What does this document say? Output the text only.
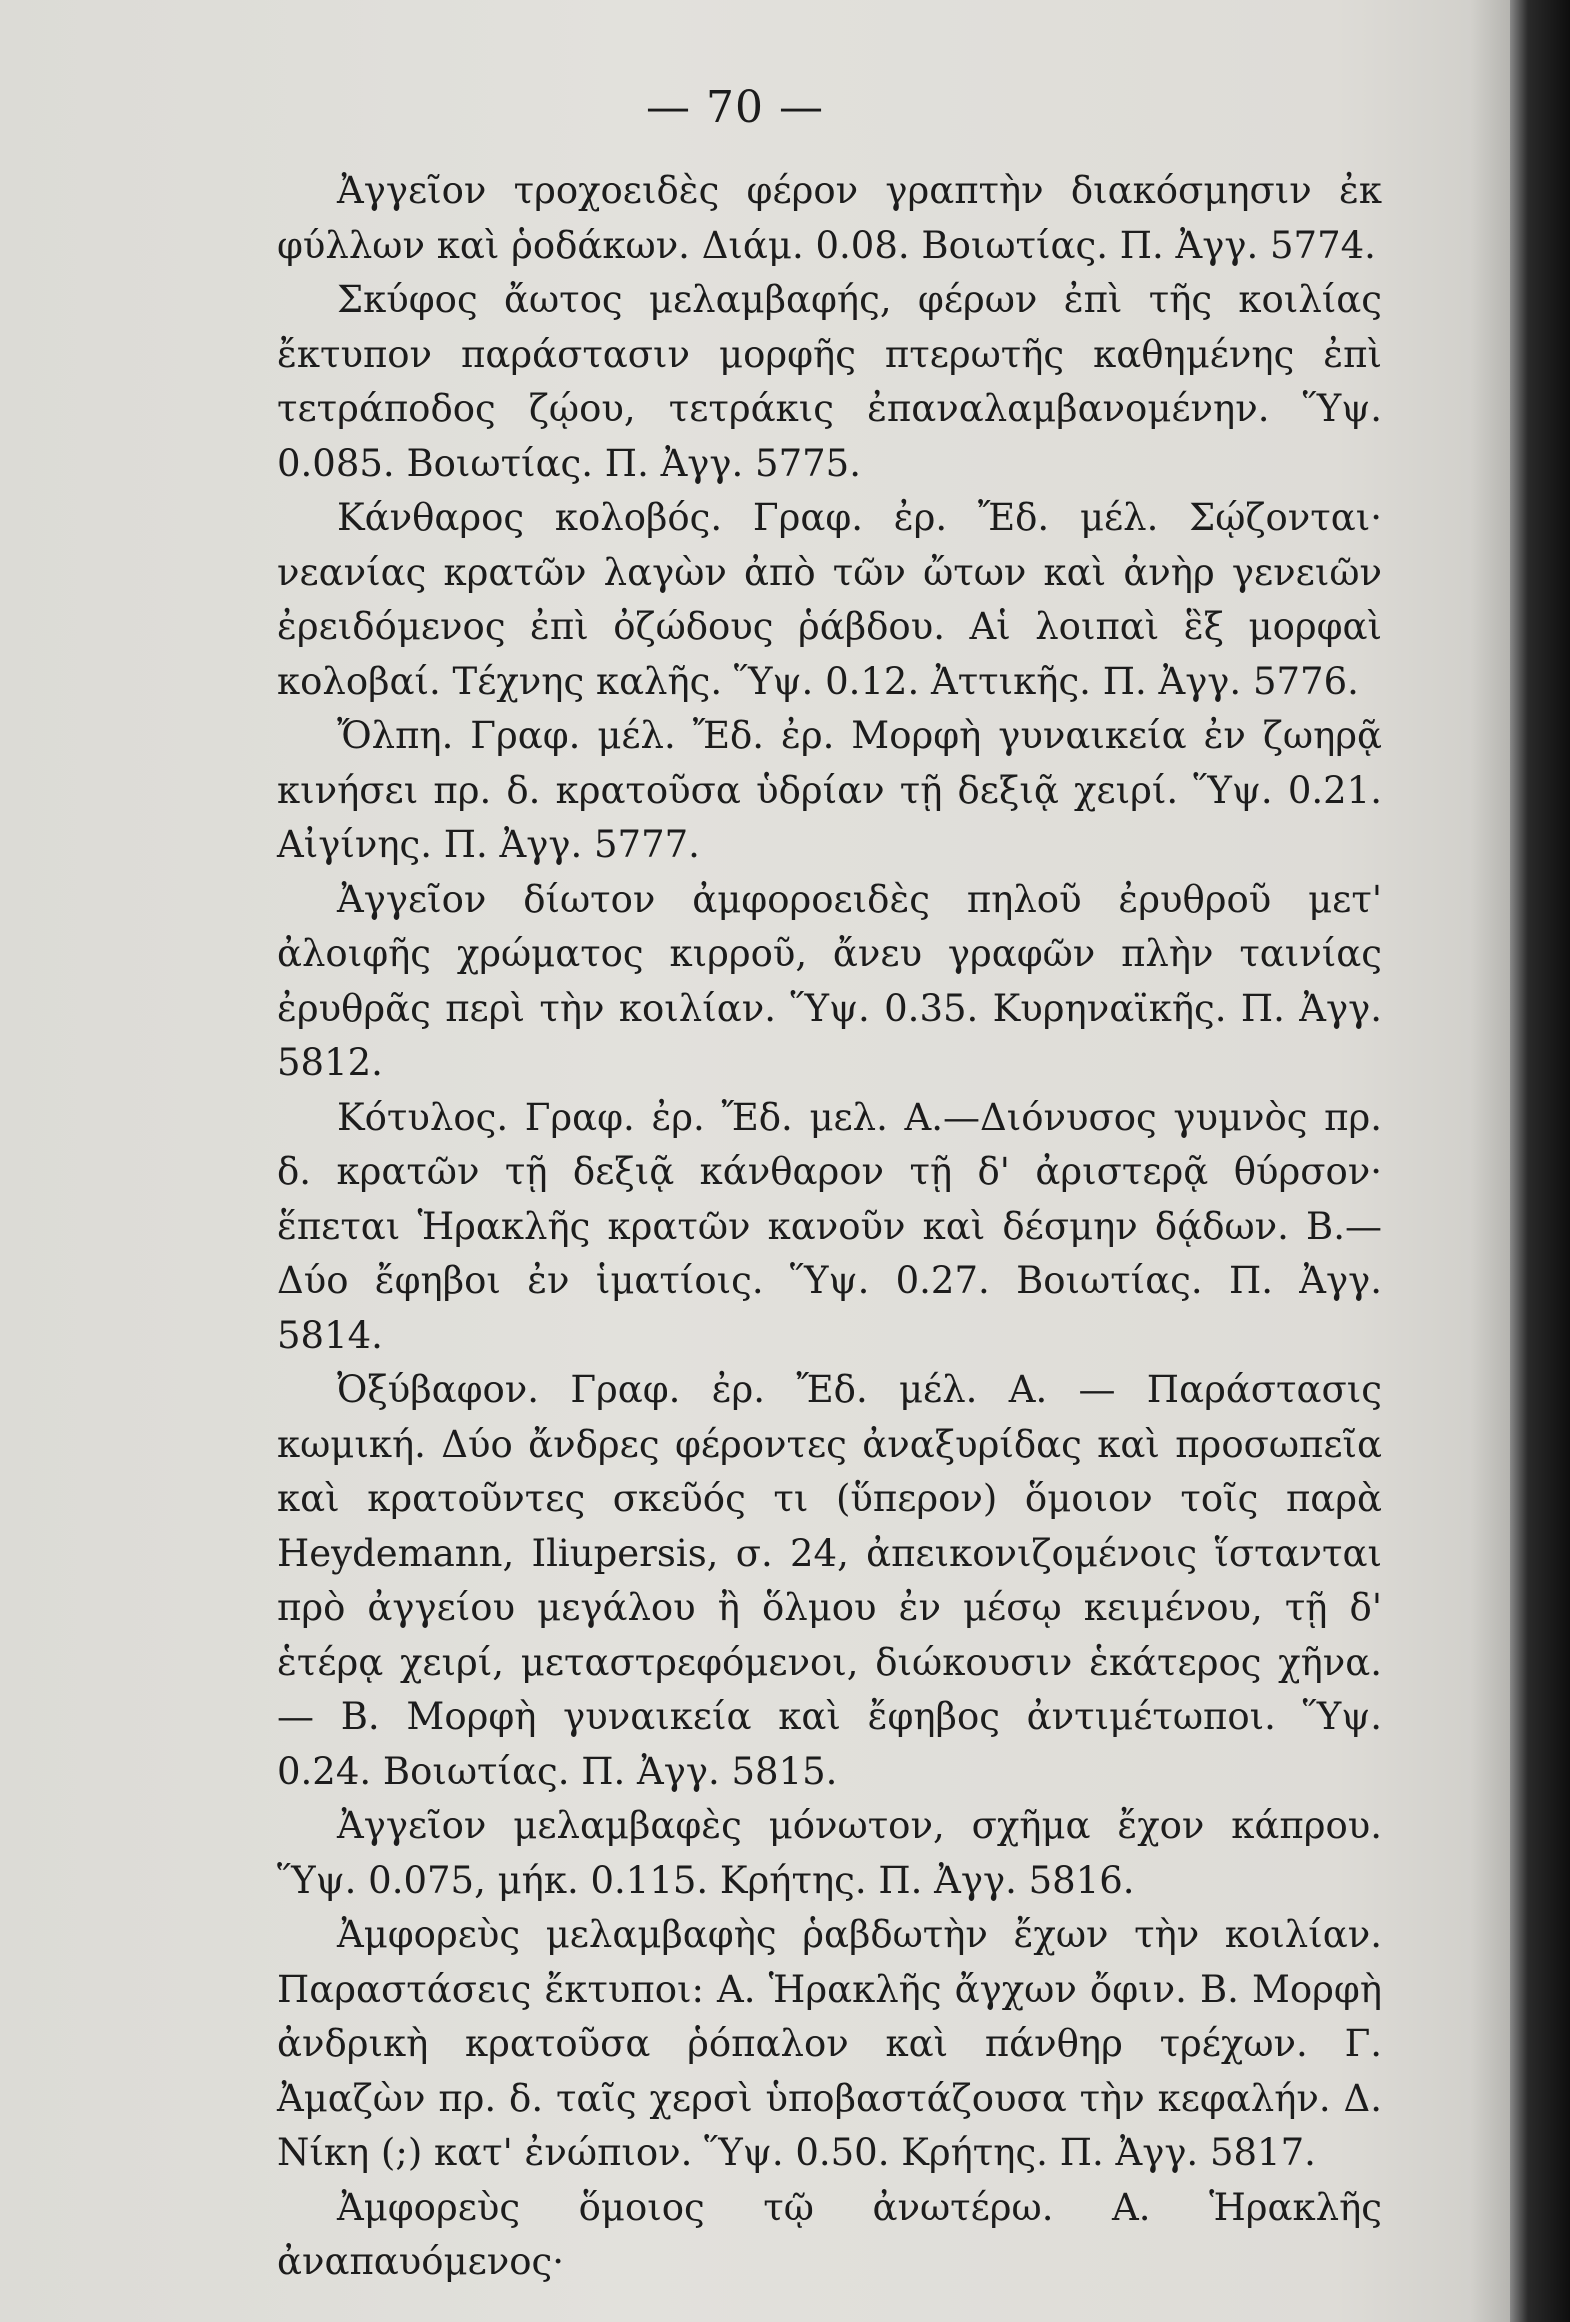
— 70 —

Ἀγγεῖον τροχοειδὲς φέρον γραπτὴν διακόσμησιν ἐκ φύλλων καὶ ῥοδάκων. Διάμ. 0.08. Βοιωτίας. Π. Ἀγγ. 5774.

Σκύφος ἄωτος μελαμβαφής, φέρων ἐπὶ τῆς κοιλίας ἔκτυπον παράστασιν μορφῆς πτερωτῆς καθημένης ἐπὶ τετράποδος ζῴου, τετράκις ἐπαναλαμβανομένην. Ὕψ. 0.085. Βοιωτίας. Π. Ἀγγ. 5775.

Κάνθαρος κολοβός. Γραφ. ἐρ. Ἔδ. μέλ. Σῴζονται· νεανίας κρατῶν λαγὼν ἀπὸ τῶν ὤτων καὶ ἀνὴρ γενειῶν ἐρειδόμενος ἐπὶ ὀζώδους ῥάβδου. Αἱ λοιπαὶ ἓξ μορφαὶ κολοβαί. Τέχνης καλῆς. Ὕψ. 0.12. Ἀττικῆς. Π. Ἀγγ. 5776.

Ὄλπη. Γραφ. μέλ. Ἔδ. ἐρ. Μορφὴ γυναικεία ἐν ζωηρᾷ κινήσει πρ. δ. κρατοῦσα ὑδρίαν τῇ δεξιᾷ χειρί. Ὕψ. 0.21. Αἰγίνης. Π. Ἀγγ. 5777.

Ἀγγεῖον δίωτον ἀμφοροειδὲς πηλοῦ ἐρυθροῦ μετ' ἀλοιφῆς χρώματος κιρροῦ, ἄνευ γραφῶν πλὴν ταινίας ἐρυθρᾶς περὶ τὴν κοιλίαν. Ὕψ. 0.35. Κυρηναϊκῆς. Π. Ἀγγ. 5812.

Κότυλος. Γραφ. ἐρ. Ἔδ. μελ. Α.—Διόνυσος γυμνὸς πρ. δ. κρατῶν τῇ δεξιᾷ κάνθαρον τῇ δ' ἀριστερᾷ θύρσον· ἕπεται Ἡρακλῆς κρατῶν κανοῦν καὶ δέσμην δᾴδων. Β.—Δύο ἔφηβοι ἐν ἱματίοις. Ὕψ. 0.27. Βοιωτίας. Π. Ἀγγ. 5814.

Ὀξύβαφον. Γραφ. ἐρ. Ἔδ. μέλ. Α. — Παράστασις κωμική. Δύο ἄνδρες φέροντες ἀναξυρίδας καὶ προσωπεῖα καὶ κρατοῦντες σκεῦός τι (ὕπερον) ὅμοιον τοῖς παρὰ Heydemann, Iliupersis, σ. 24, ἀπεικονιζομένοις ἵστανται πρὸ ἀγγείου μεγάλου ἢ ὅλμου ἐν μέσῳ κειμένου, τῇ δ' ἑτέρᾳ χειρί, μεταστρεφόμενοι, διώκουσιν ἑκάτερος χῆνα. — Β. Μορφὴ γυναικεία καὶ ἔφηβος ἀντιμέτωποι. Ὕψ. 0.24. Βοιωτίας. Π. Ἀγγ. 5815.

Ἀγγεῖον μελαμβαφὲς μόνωτον, σχῆμα ἔχον κάπρου. Ὕψ. 0.075, μήκ. 0.115. Κρήτης. Π. Ἀγγ. 5816.

Ἀμφορεὺς μελαμβαφὴς ῥαβδωτὴν ἔχων τὴν κοιλίαν. Παραστάσεις ἔκτυποι: Α. Ἡρακλῆς ἄγχων ὄφιν. Β. Μορφὴ ἀνδρικὴ κρατοῦσα ῥόπαλον καὶ πάνθηρ τρέχων. Γ. Ἀμαζὼν πρ. δ. ταῖς χερσὶ ὑποβαστάζουσα τὴν κεφαλήν. Δ. Νίκη (;) κατ' ἐνώπιον. Ὕψ. 0.50. Κρήτης. Π. Ἀγγ. 5817.

Ἀμφορεὺς ὅμοιος τῷ ἀνωτέρω. Α. Ἡρακλῆς ἀναπαυόμενος·
